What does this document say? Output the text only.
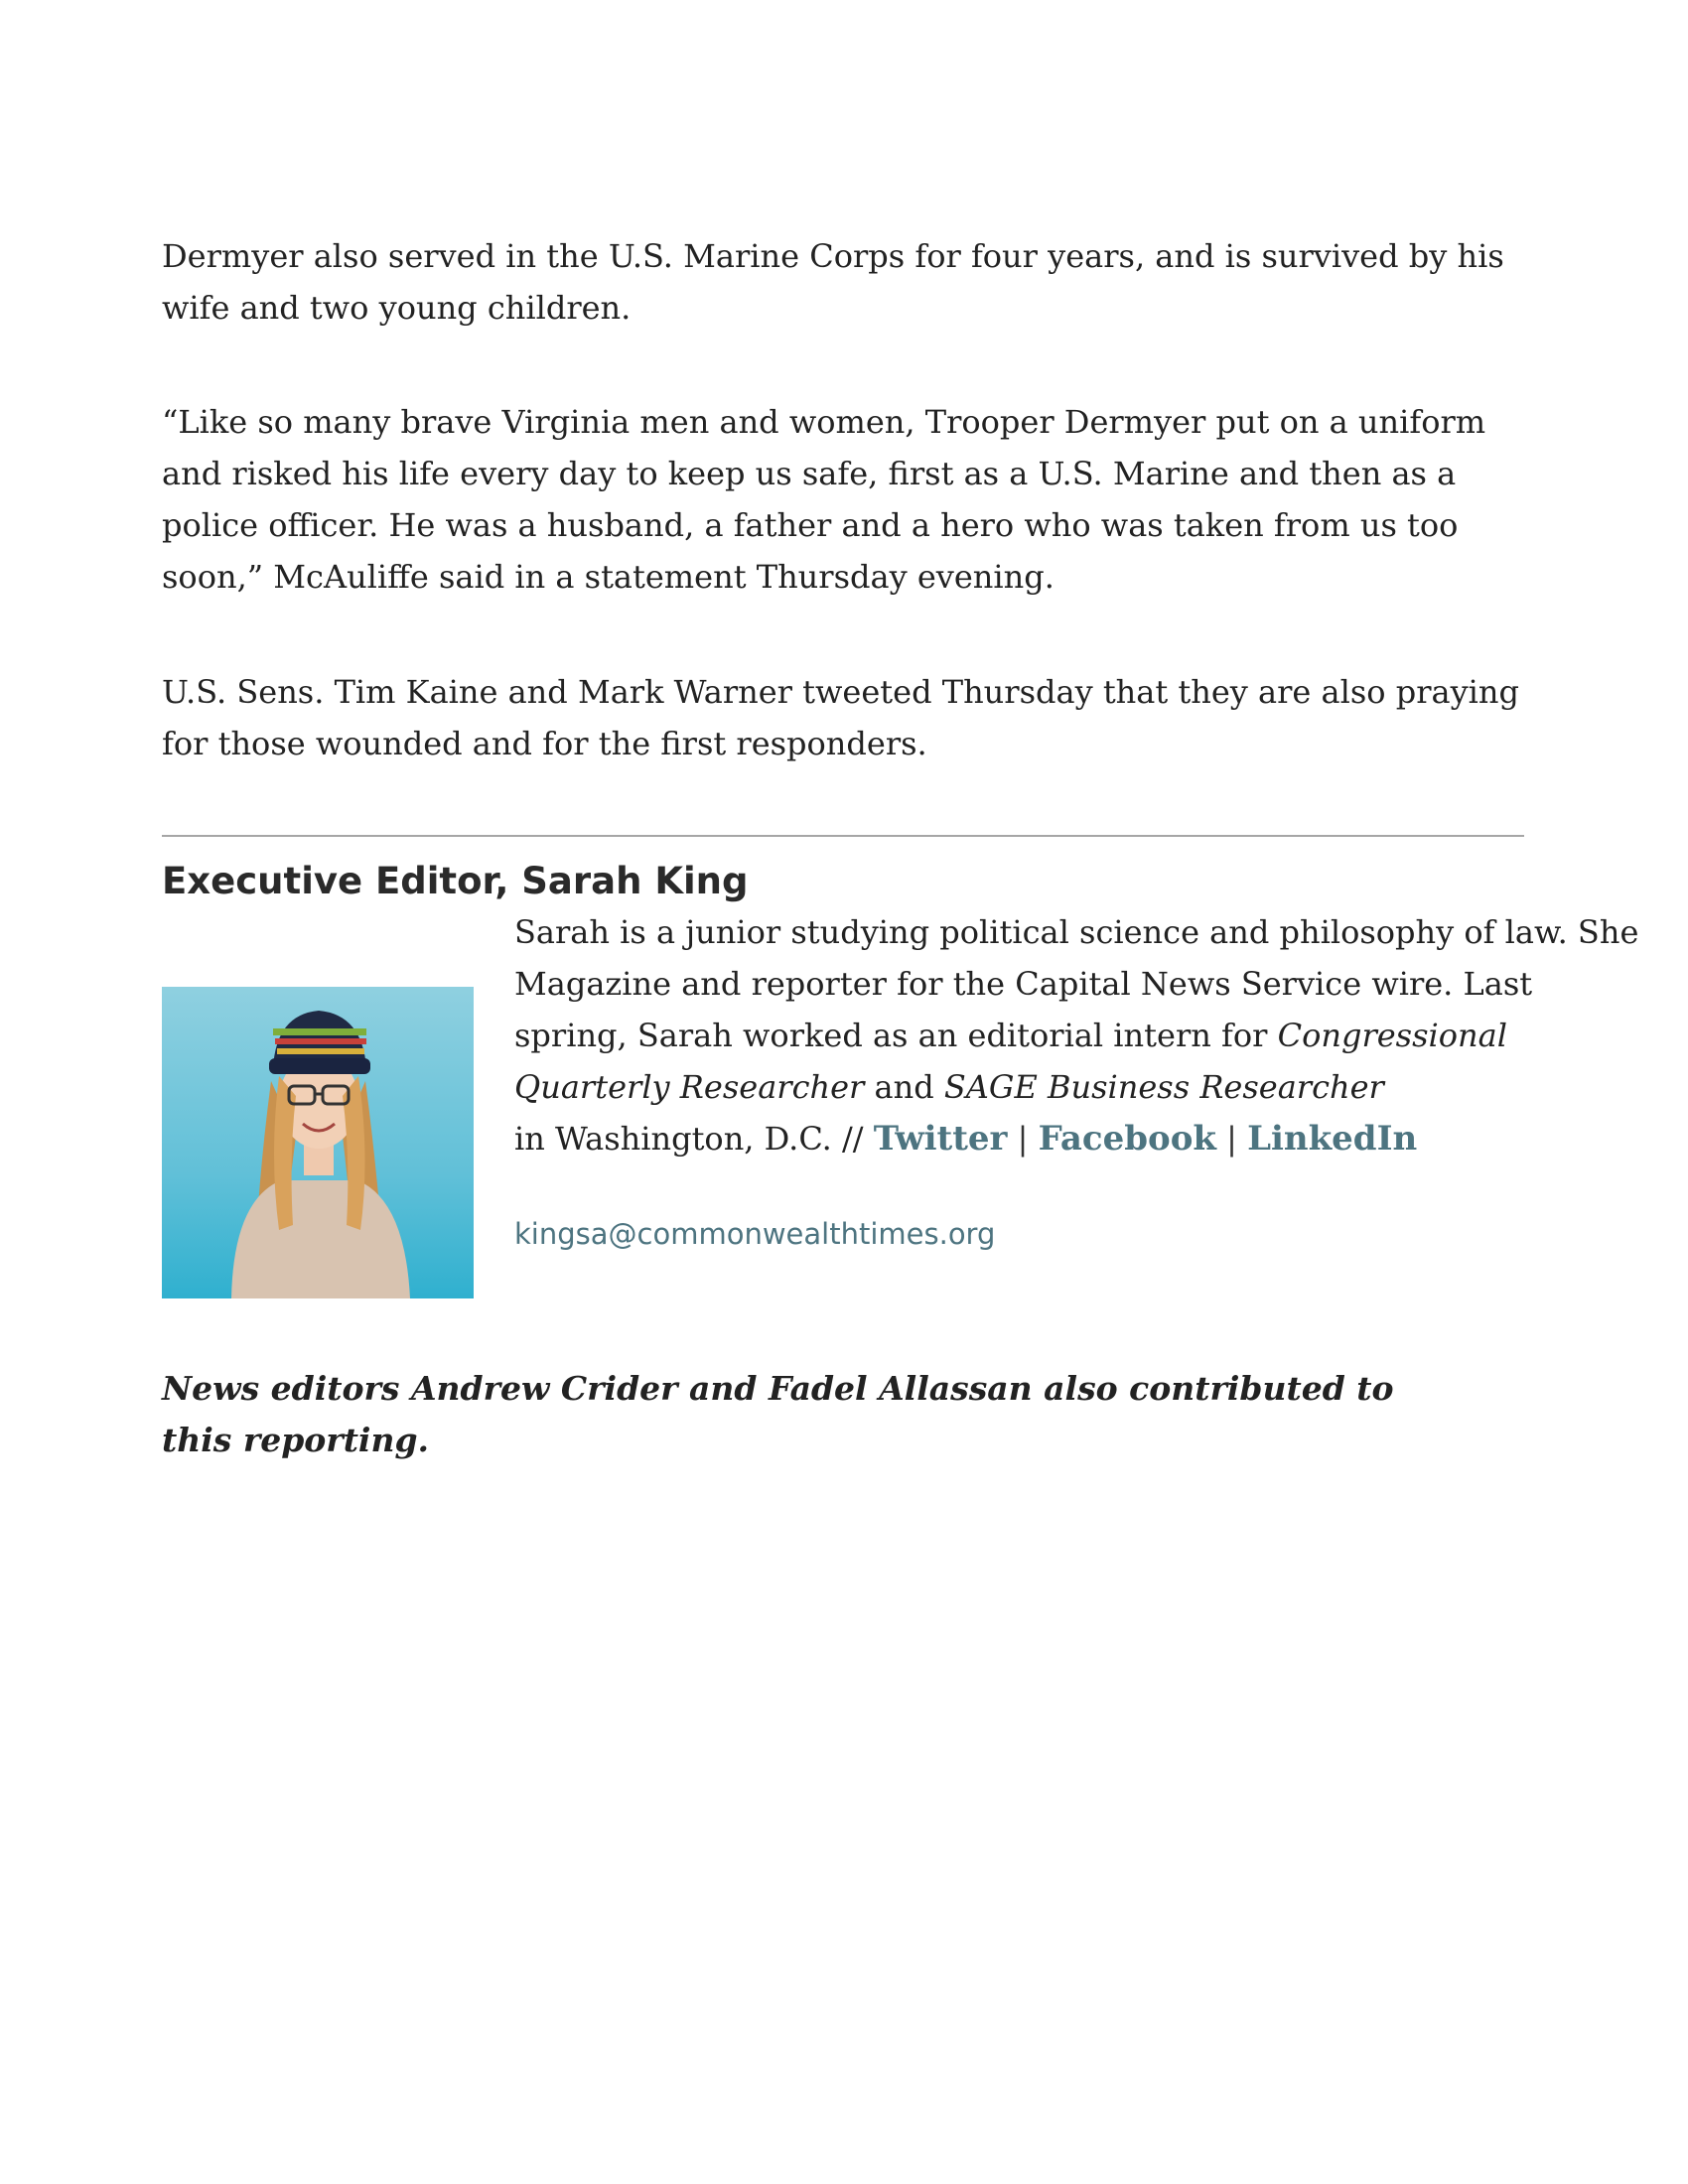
Dermyer also served in the U.S. Marine Corps for four years, and is survived by his wife and two young children.

“Like so many brave Virginia men and women, Trooper Dermyer put on a uniform and risked his life every day to keep us safe, first as a U.S. Marine and then as a police officer. He was a husband, a father and a hero who was taken from us too soon,” McAuliffe said in a statement Thursday evening.

U.S. Sens. Tim Kaine and Mark Warner tweeted Thursday that they are also praying for those wounded and for the first responders.

Executive Editor, Sarah King
Sarah is a junior studying political science and philosophy of law. She
Magazine and reporter for the Capital News Service wire. Last
spring, Sarah worked as an editorial intern for Congressional
Quarterly Researcher and SAGE Business Researcher
in Washington, D.C. // Twitter | Facebook | LinkedIn
kingsa@commonwealthtimes.org

News editors Andrew Crider and Fadel Allassan also contributed to this reporting.
